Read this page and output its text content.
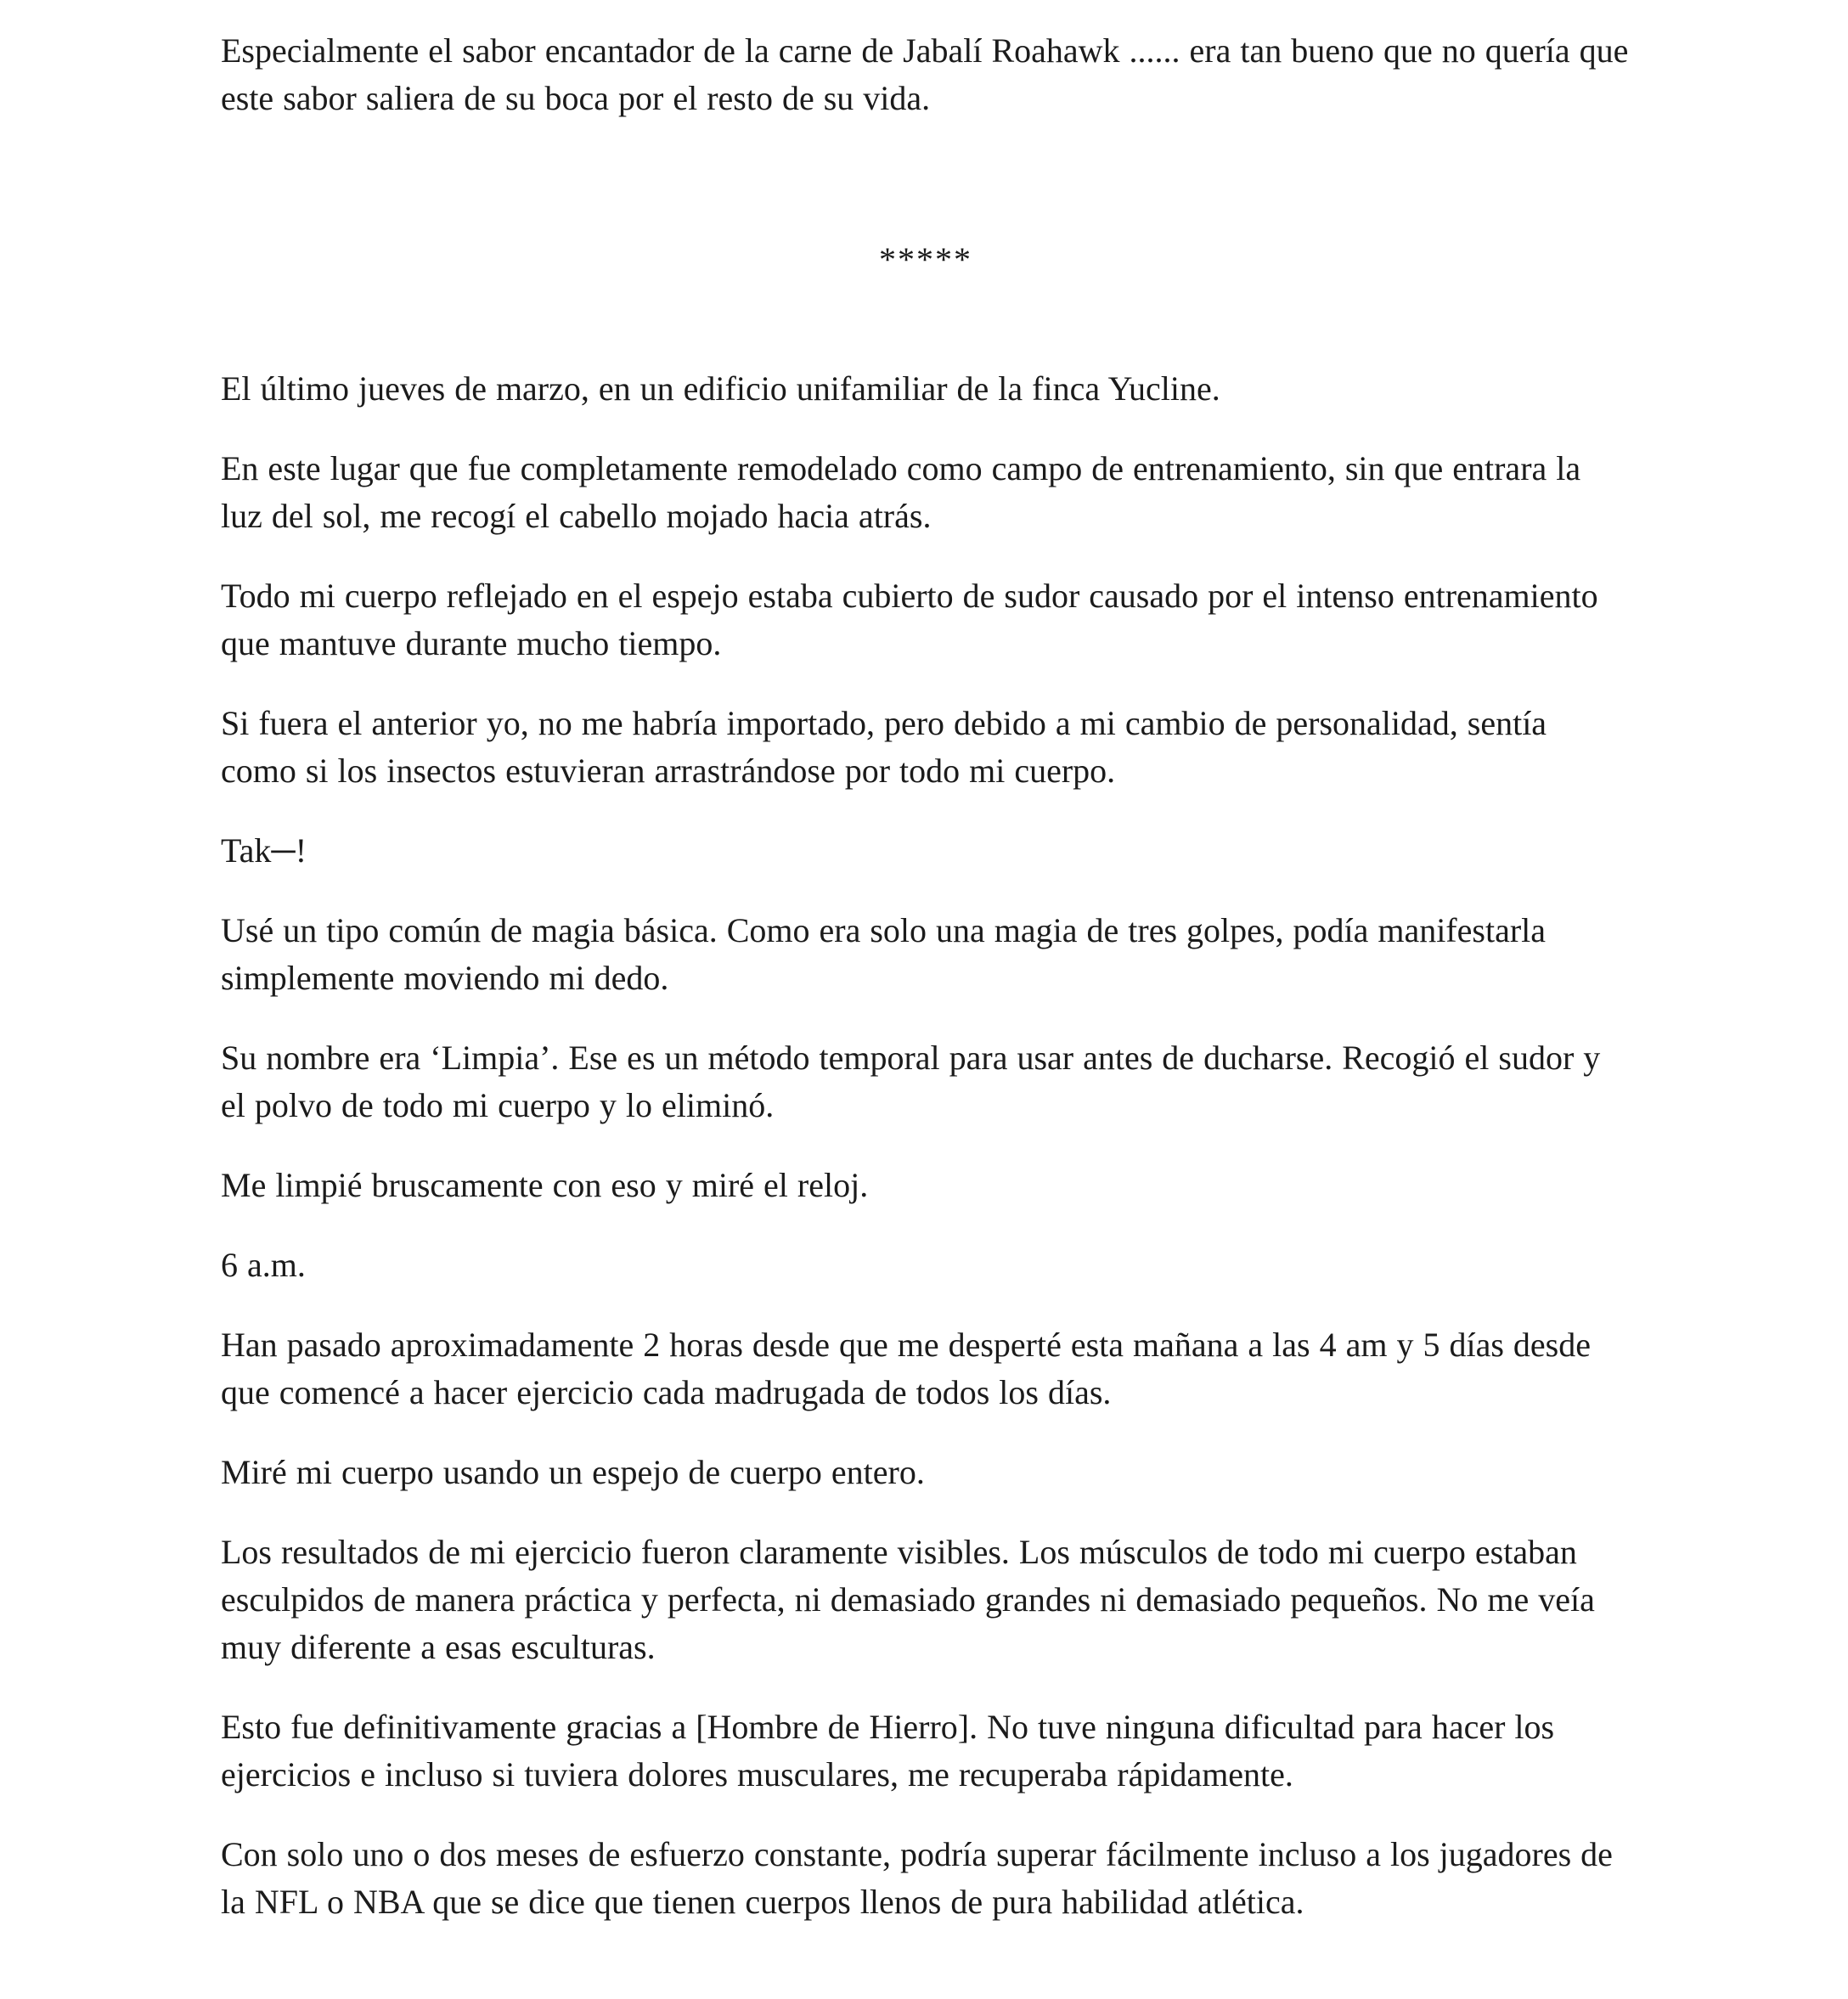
Especialmente el sabor encantador de la carne de Jabalí Roahawk ...... era tan bueno que no quería que este sabor saliera de su boca por el resto de su vida.

*****

El último jueves de marzo, en un edificio unifamiliar de la finca Yucline.

En este lugar que fue completamente remodelado como campo de entrenamiento, sin que entrara la luz del sol, me recogí el cabello mojado hacia atrás.

Todo mi cuerpo reflejado en el espejo estaba cubierto de sudor causado por el intenso entrenamiento que mantuve durante mucho tiempo.

Si fuera el anterior yo, no me habría importado, pero debido a mi cambio de personalidad, sentía como si los insectos estuvieran arrastrándose por todo mi cuerpo.

Tak─!

Usé un tipo común de magia básica. Como era solo una magia de tres golpes, podía manifestarla simplemente moviendo mi dedo.

Su nombre era ‘Limpia’. Ese es un método temporal para usar antes de ducharse. Recogió el sudor y el polvo de todo mi cuerpo y lo eliminó.

Me limpié bruscamente con eso y miré el reloj.

6 a.m.

Han pasado aproximadamente 2 horas desde que me desperté esta mañana a las 4 am y 5 días desde que comencé a hacer ejercicio cada madrugada de todos los días.

Miré mi cuerpo usando un espejo de cuerpo entero.

Los resultados de mi ejercicio fueron claramente visibles. Los músculos de todo mi cuerpo estaban esculpidos de manera práctica y perfecta, ni demasiado grandes ni demasiado pequeños. No me veía muy diferente a esas esculturas.

Esto fue definitivamente gracias a [Hombre de Hierro]. No tuve ninguna dificultad para hacer los ejercicios e incluso si tuviera dolores musculares, me recuperaba rápidamente.

Con solo uno o dos meses de esfuerzo constante, podría superar fácilmente incluso a los jugadores de la NFL o NBA que se dice que tienen cuerpos llenos de pura habilidad atlética.
